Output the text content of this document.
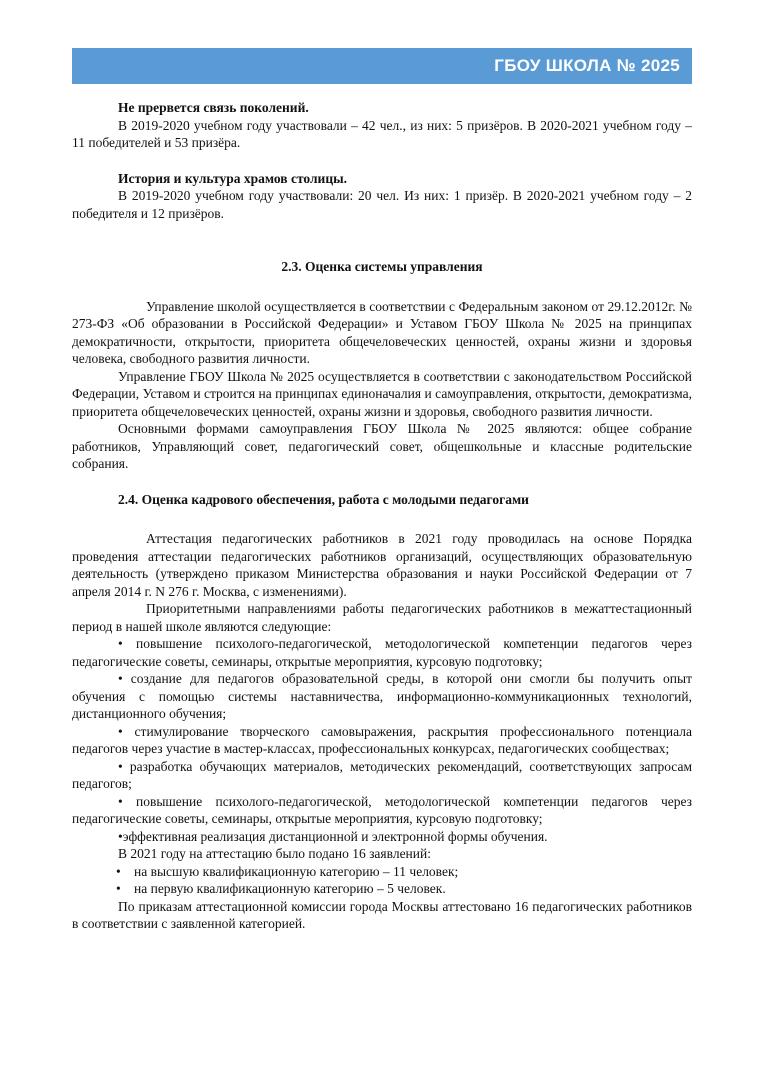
ГБОУ ШКОЛА № 2025

Не прервется связь поколений.

В 2019-2020 учебном году участвовали – 42 чел., из них: 5 призёров. В 2020-2021 учебном году – 11 победителей и 53 призёра.

История и культура храмов столицы.

В 2019-2020 учебном году участвовали: 20 чел. Из них: 1 призёр. В 2020-2021 учебном году – 2 победителя и 12 призёров.

2.3. Оценка системы управления

Управление школой осуществляется в соответствии с Федеральным законом от 29.12.2012г. № 273-ФЗ «Об образовании в Российской Федерации» и Уставом ГБОУ Школа № 2025 на принципах демократичности, открытости, приоритета общечеловеческих ценностей, охраны жизни и здоровья человека, свободного развития личности.

Управление ГБОУ Школа № 2025 осуществляется в соответствии с законодательством Российской Федерации, Уставом и строится на принципах единоначалия и самоуправления, открытости, демократизма, приоритета общечеловеческих ценностей, охраны жизни и здоровья, свободного развития личности.

Основными формами самоуправления ГБОУ Школа № 2025 являются: общее собрание работников, Управляющий совет, педагогический совет, общешкольные и классные родительские собрания.

2.4. Оценка кадрового обеспечения, работа с молодыми педагогами

Аттестация педагогических работников в 2021 году проводилась на основе Порядка проведения аттестации педагогических работников организаций, осуществляющих образовательную деятельность (утверждено приказом Министерства образования и науки Российской Федерации от 7 апреля 2014 г. N 276 г. Москва, с изменениями).

Приоритетными направлениями работы педагогических работников в межаттестационный период в нашей школе являются следующие:

• повышение психолого-педагогической, методологической компетенции педагогов через педагогические советы, семинары, открытые мероприятия, курсовую подготовку;

• создание для педагогов образовательной среды, в которой они смогли бы получить опыт обучения с помощью системы наставничества, информационно-коммуникационных технологий, дистанционного обучения;

• стимулирование творческого самовыражения, раскрытия профессионального потенциала педагогов через участие в мастер-классах, профессиональных конкурсах, педагогических сообществах;

• разработка обучающих материалов, методических рекомендаций, соответствующих запросам педагогов;

• повышение психолого-педагогической, методологической компетенции педагогов через педагогические советы, семинары, открытые мероприятия, курсовую подготовку;

•эффективная реализация дистанционной и электронной формы обучения.

В 2021 году на аттестацию было подано 16 заявлений:

• на высшую квалификационную категорию – 11 человек;
• на первую квалификационную категорию – 5 человек.

По приказам аттестационной комиссии города Москвы аттестовано 16 педагогических работников в соответствии с заявленной категорией.
